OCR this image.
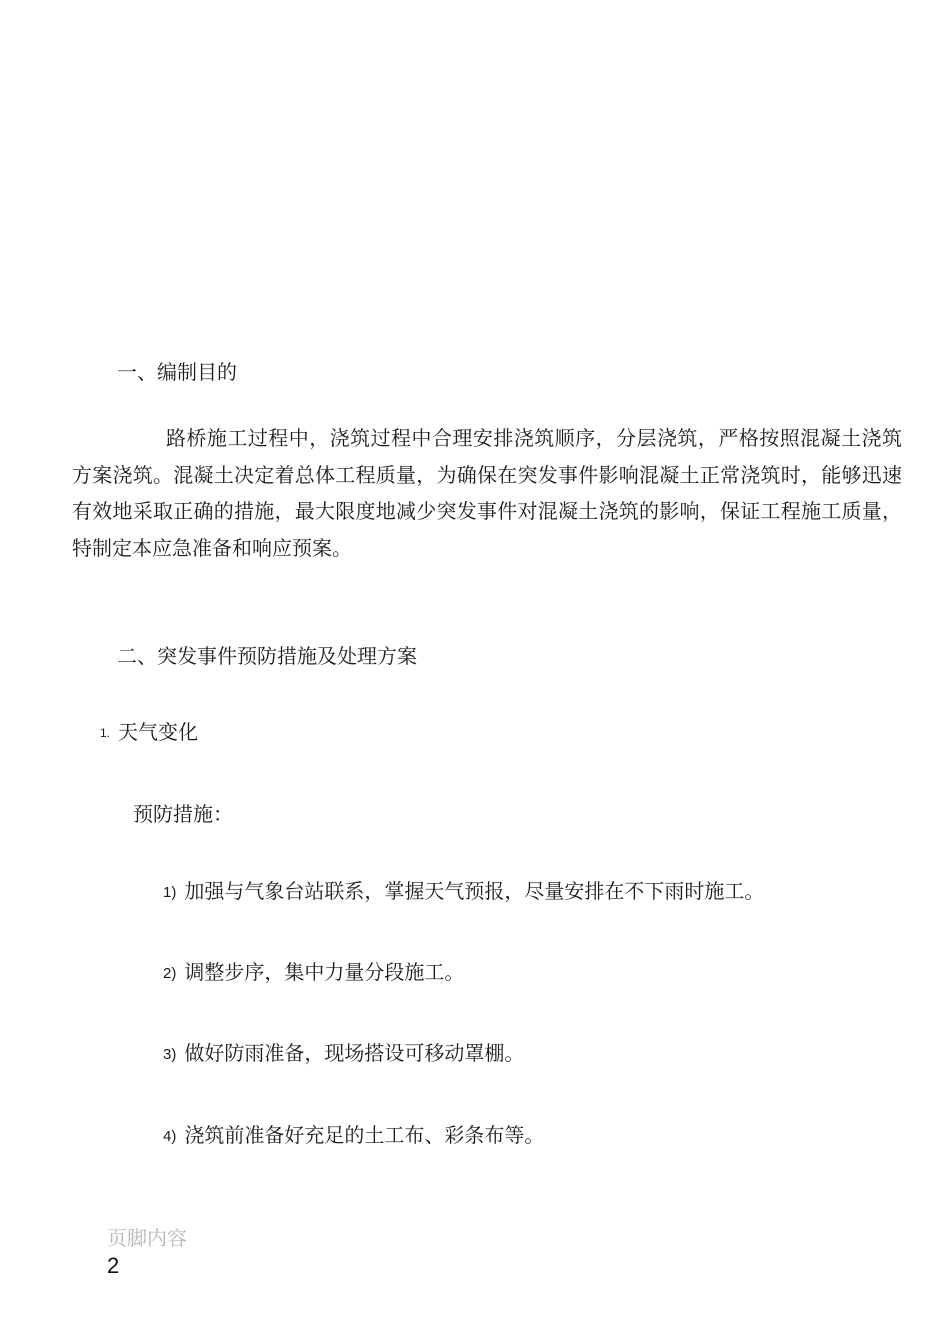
一、编制目的
路桥施工过程中，浇筑过程中合理安排浇筑顺序，分层浇筑，严格按照混凝土浇筑方案浇筑。混凝土决定着总体工程质量，为确保在突发事件影响混凝土正常浇筑时，能够迅速有效地采取正确的措施，最大限度地减少突发事件对混凝土浇筑的影响，保证工程施工质量，特制定本应急准备和响应预案。
二、突发事件预防措施及处理方案
1. 天气变化
预防措施：
1) 加强与气象台站联系，掌握天气预报，尽量安排在不下雨时施工。
2) 调整步序，集中力量分段施工。
3) 做好防雨准备，现场搭设可移动罩棚。
4) 浇筑前准备好充足的土工布、彩条布等。
页脚内容2
